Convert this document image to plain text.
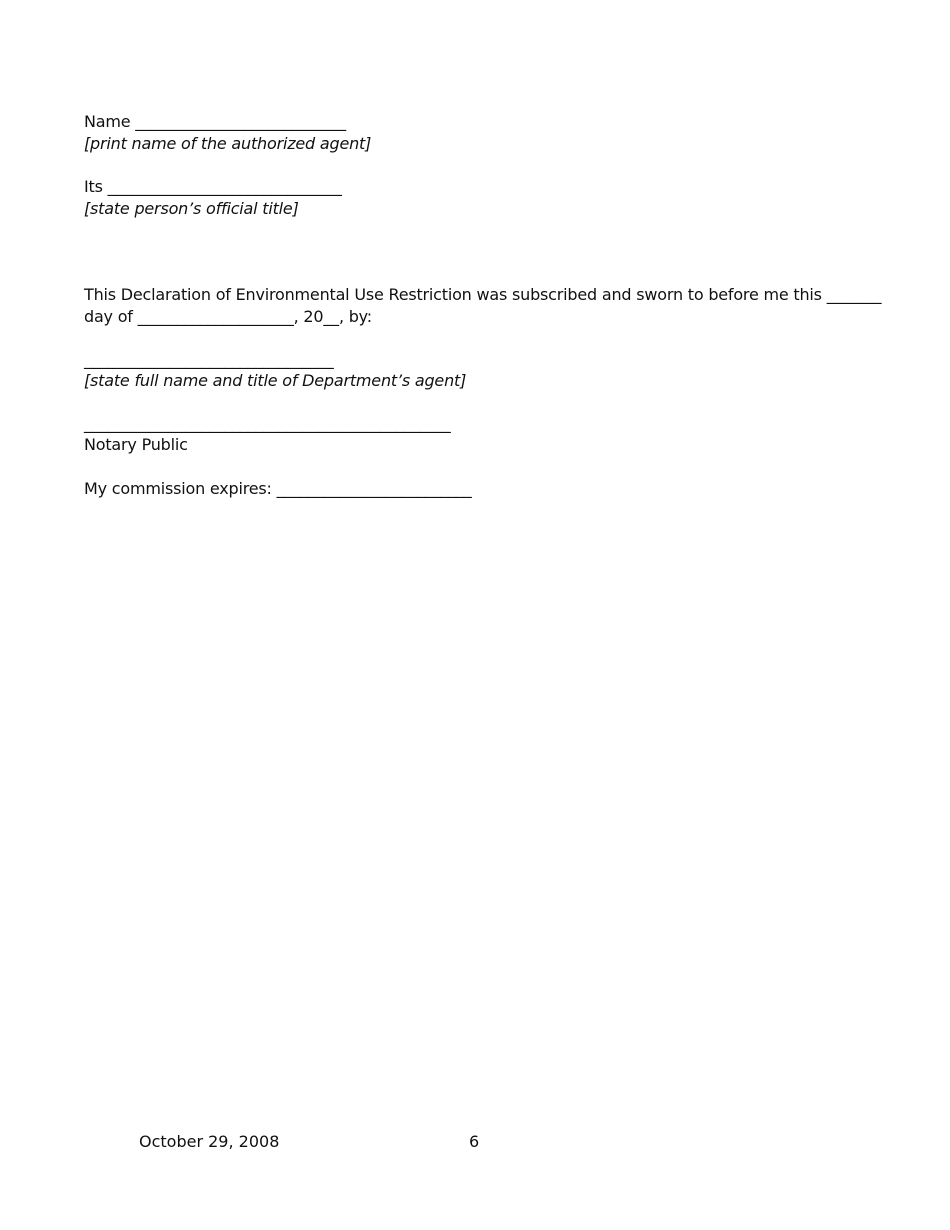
Name ___________________________
[print name of the authorized agent]
Its ______________________________
[state person’s official title]
This Declaration of Environmental Use Restriction was subscribed and sworn to before me this _______
day of ____________________, 20__, by:
________________________________
[state full name and title of Department’s agent]
_______________________________________________
Notary Public
My commission expires: _________________________
October 29, 2008	6
